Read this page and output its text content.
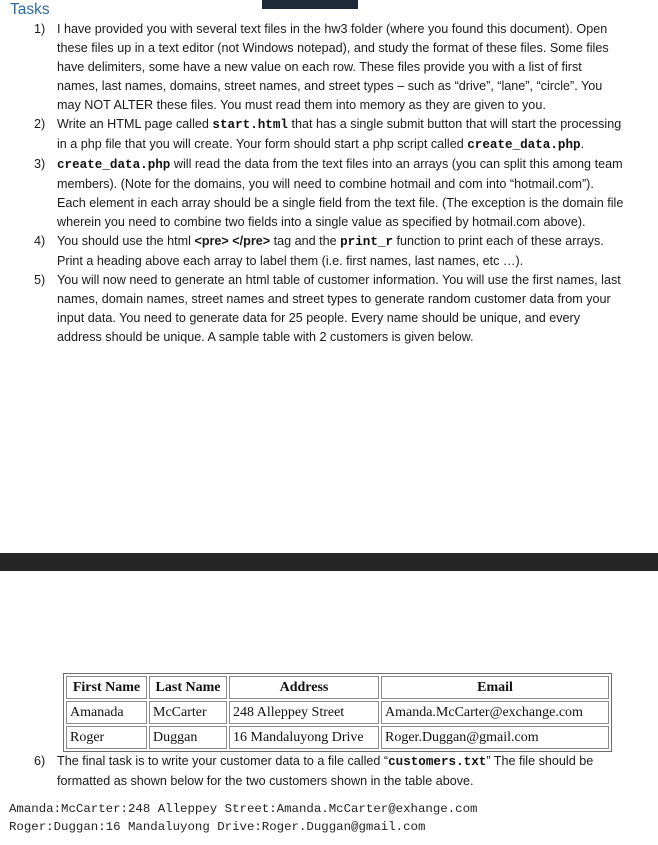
Tasks
1) I have provided you with several text files in the hw3 folder (where you found this document). Open these files up in a text editor (not Windows notepad), and study the format of these files. Some files have delimiters, some have a new value on each row. These files provide you with a list of first names, last names, domains, street names, and street types – such as “drive”, “lane”, “circle”. You may NOT ALTER these files. You must read them into memory as they are given to you.
2) Write an HTML page called start.html that has a single submit button that will start the processing in a php file that you will create. Your form should start a php script called create_data.php.
3) create_data.php will read the data from the text files into an arrays (you can split this among team members). (Note for the domains, you will need to combine hotmail and com into “hotmail.com”). Each element in each array should be a single field from the text file. (The exception is the domain file wherein you need to combine two fields into a single value as specified by hotmail.com above).
4) You should use the html <pre> </pre> tag and the print_r function to print each of these arrays. Print a heading above each array to label them (i.e. first names, last names, etc …).
5) You will now need to generate an html table of customer information. You will use the first names, last names, domain names, street names and street types to generate random customer data from your input data. You need to generate data for 25 people. Every name should be unique, and every address should be unique. A sample table with 2 customers is given below.
First Name	Last Name	Address	Email
Amanada	McCarter	248 Alleppey Street	Amanda.McCarter@exchange.com
Roger	Duggan	16 Mandaluyong Drive	Roger.Duggan@gmail.com
6) The final task is to write your customer data to a file called “customers.txt” The file should be formatted as shown below for the two customers shown in the table above.
Amanda:McCarter:248 Alleppey Street:Amanda.McCarter@exhange.com
Roger:Duggan:16 Mandaluyong Drive:Roger.Duggan@gmail.com
